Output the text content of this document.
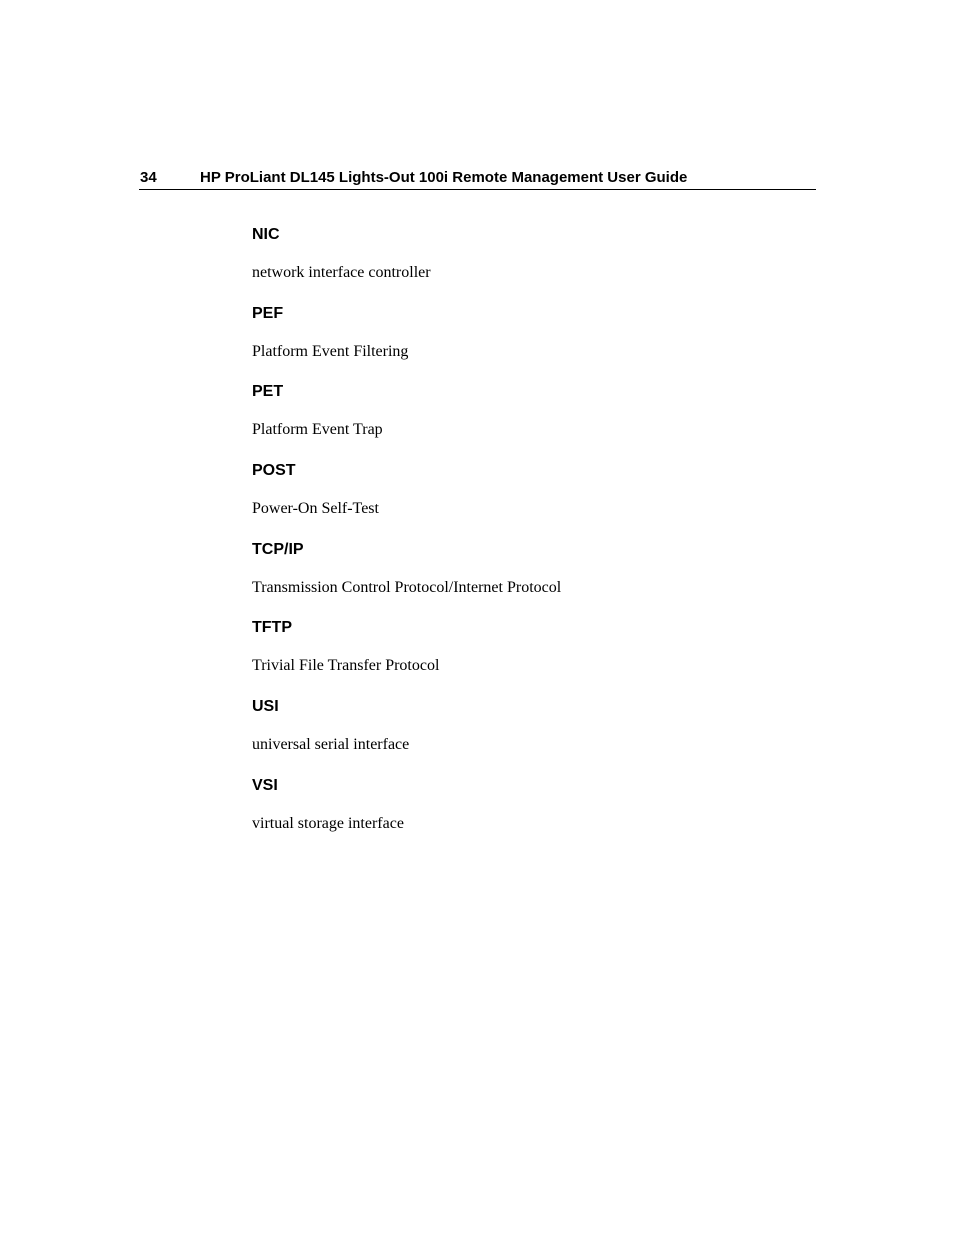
34	HP ProLiant DL145 Lights-Out 100i Remote Management User Guide
NIC
network interface controller
PEF
Platform Event Filtering
PET
Platform Event Trap
POST
Power-On Self-Test
TCP/IP
Transmission Control Protocol/Internet Protocol
TFTP
Trivial File Transfer Protocol
USI
universal serial interface
VSI
virtual storage interface
